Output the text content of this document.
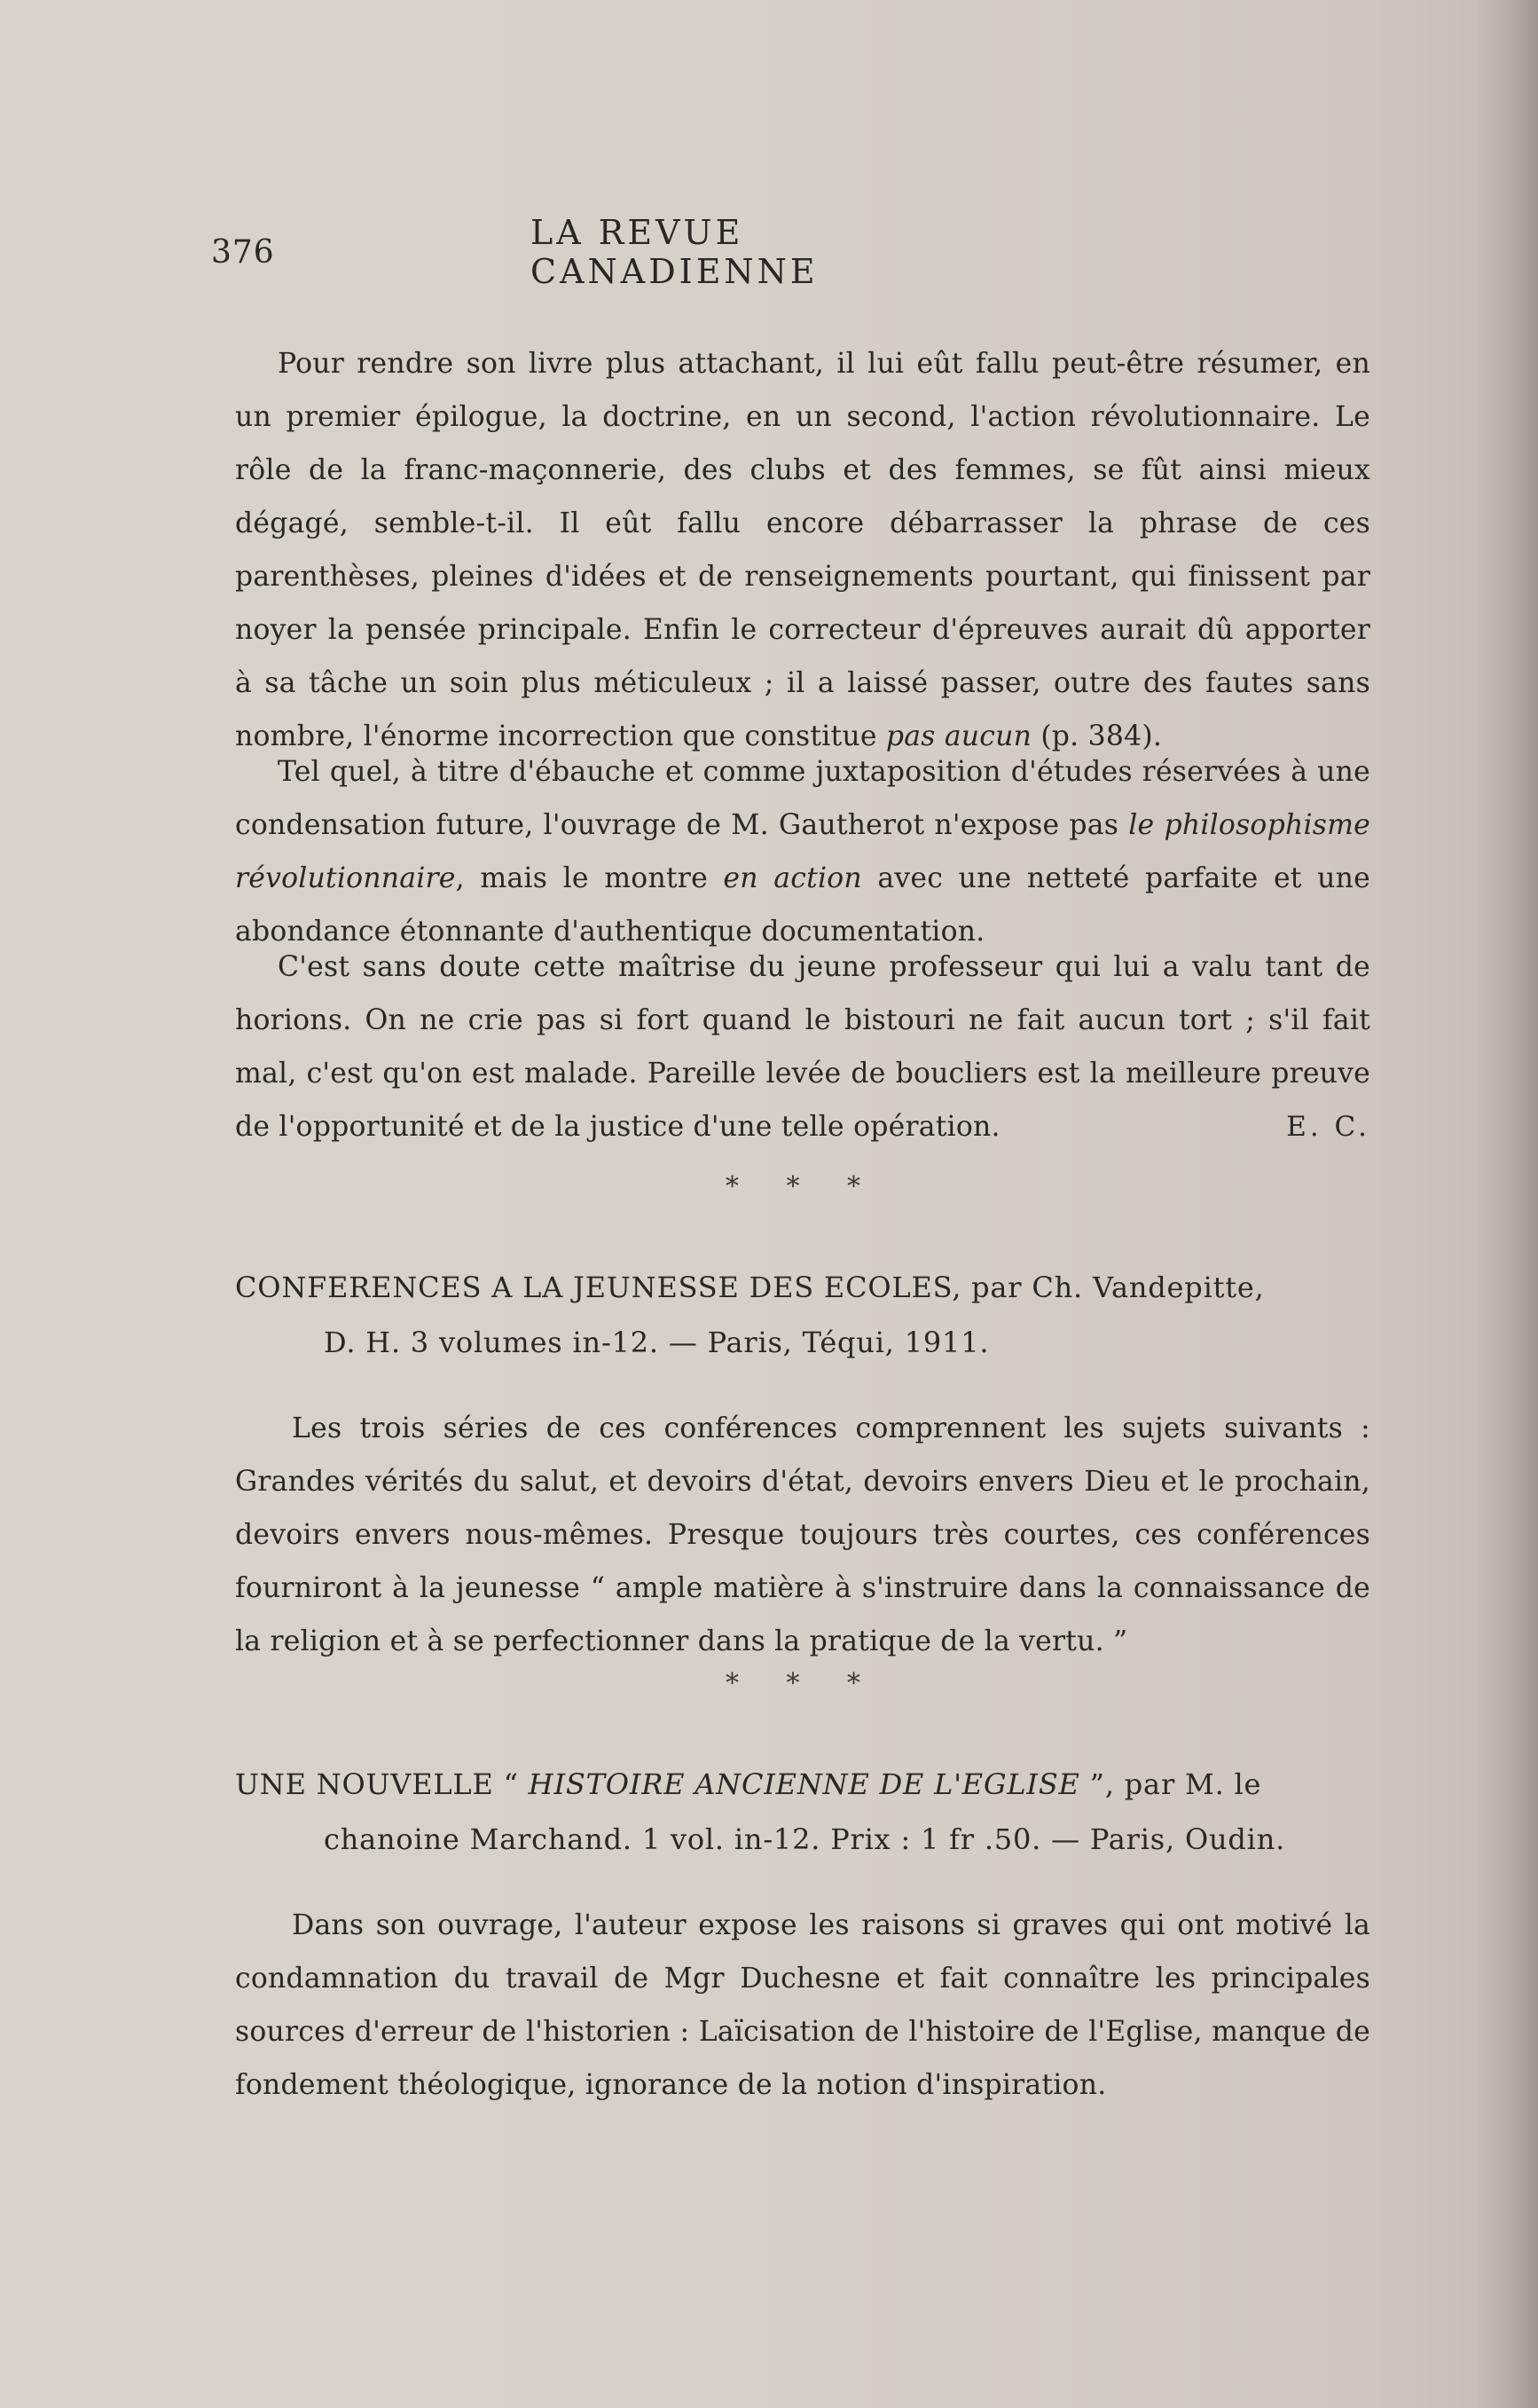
376
LA REVUE CANADIENNE

Pour rendre son livre plus attachant, il lui eût fallu peut-être résumer, en un premier épilogue, la doctrine, en un second, l'action révolutionnaire. Le rôle de la franc-maçonnerie, des clubs et des femmes, se fût ainsi mieux dégagé, semble-t-il. Il eût fallu encore débarrasser la phrase de ces parenthèses, pleines d'idées et de renseignements pourtant, qui finissent par noyer la pensée principale. Enfin le correcteur d'épreuves aurait dû apporter à sa tâche un soin plus méticuleux ; il a laissé passer, outre des fautes sans nombre, l'énorme incorrection que constitue pas aucun (p. 384).

Tel quel, à titre d'ébauche et comme juxtaposition d'études réservées à une condensation future, l'ouvrage de M. Gautherot n'expose pas le philosophisme révolutionnaire, mais le montre en action avec une netteté parfaite et une abondance étonnante d'authentique documentation.

C'est sans doute cette maîtrise du jeune professeur qui lui a valu tant de horions. On ne crie pas si fort quand le bistouri ne fait aucun tort ; s'il fait mal, c'est qu'on est malade. Pareille levée de boucliers est la meilleure preuve de l'opportunité et de la justice d'une telle opération.	E. C.

* * *

CONFERENCES A LA JEUNESSE DES ECOLES, par Ch. Vandepitte,
D. H. 3 volumes in-12. — Paris, Téqui, 1911.

Les trois séries de ces conférences comprennent les sujets suivants : Grandes vérités du salut, et devoirs d'état, devoirs envers Dieu et le prochain, devoirs envers nous-mêmes. Presque toujours très courtes, ces conférences fourniront à la jeunesse “ ample matière à s'instruire dans la connaissance de la religion et à se perfectionner dans la pratique de la vertu. ”

* * *

UNE NOUVELLE “ HISTOIRE ANCIENNE DE L'EGLISE ”, par M. le
chanoine Marchand. 1 vol. in-12. Prix : 1 fr .50. — Paris, Oudin.

Dans son ouvrage, l'auteur expose les raisons si graves qui ont motivé la condamnation du travail de Mgr Duchesne et fait connaître les principales sources d'erreur de l'historien : Laïcisation de l'histoire de l'Eglise, manque de fondement théologique, ignorance de la notion d'inspiration.
